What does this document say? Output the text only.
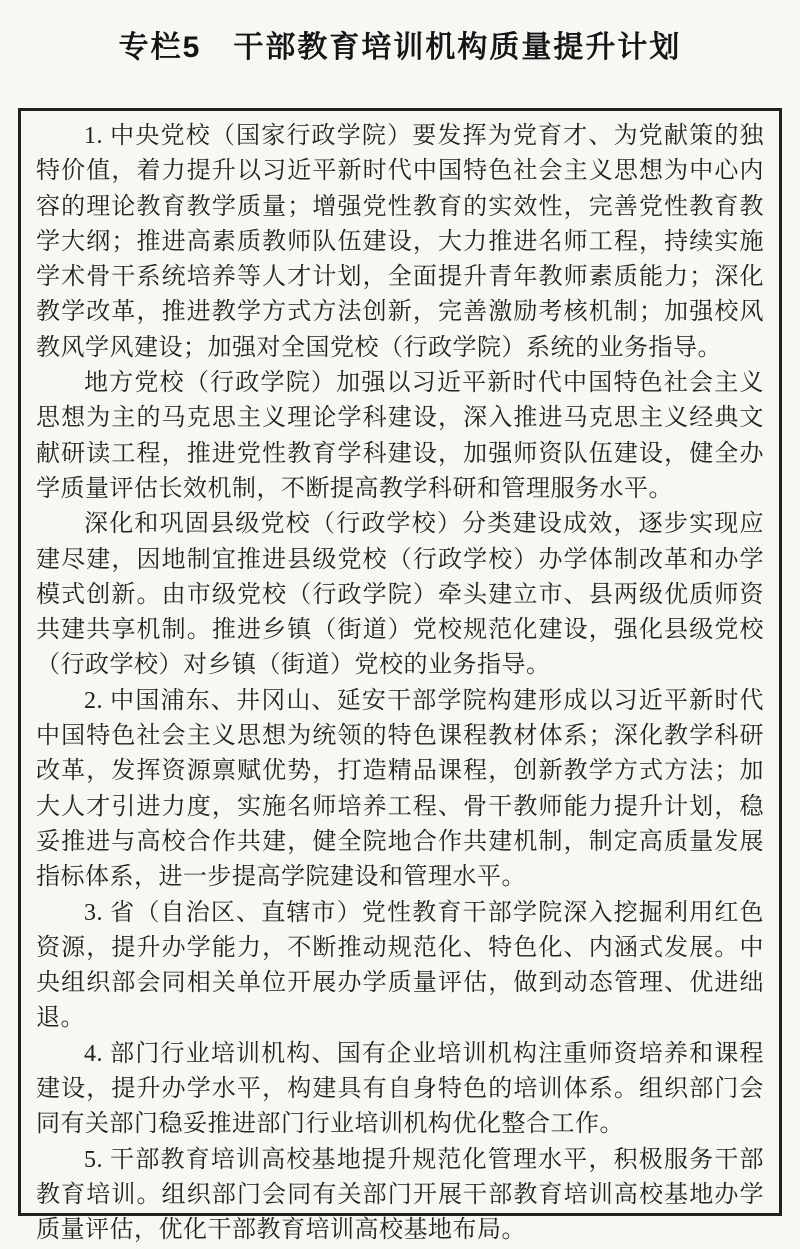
专栏5　干部教育培训机构质量提升计划

1. 中央党校（国家行政学院）要发挥为党育才、为党献策的独特价值，着力提升以习近平新时代中国特色社会主义思想为中心内容的理论教育教学质量；增强党性教育的实效性，完善党性教育教学大纲；推进高素质教师队伍建设，大力推进名师工程，持续实施学术骨干系统培养等人才计划，全面提升青年教师素质能力；深化教学改革，推进教学方式方法创新，完善激励考核机制；加强校风教风学风建设；加强对全国党校（行政学院）系统的业务指导。

地方党校（行政学院）加强以习近平新时代中国特色社会主义思想为主的马克思主义理论学科建设，深入推进马克思主义经典文献研读工程，推进党性教育学科建设，加强师资队伍建设，健全办学质量评估长效机制，不断提高教学科研和管理服务水平。

深化和巩固县级党校（行政学校）分类建设成效，逐步实现应建尽建，因地制宜推进县级党校（行政学校）办学体制改革和办学模式创新。由市级党校（行政学院）牵头建立市、县两级优质师资共建共享机制。推进乡镇（街道）党校规范化建设，强化县级党校（行政学校）对乡镇（街道）党校的业务指导。

2. 中国浦东、井冈山、延安干部学院构建形成以习近平新时代中国特色社会主义思想为统领的特色课程教材体系；深化教学科研改革，发挥资源禀赋优势，打造精品课程，创新教学方式方法；加大人才引进力度，实施名师培养工程、骨干教师能力提升计划，稳妥推进与高校合作共建，健全院地合作共建机制，制定高质量发展指标体系，进一步提高学院建设和管理水平。

3. 省（自治区、直辖市）党性教育干部学院深入挖掘利用红色资源，提升办学能力，不断推动规范化、特色化、内涵式发展。中央组织部会同相关单位开展办学质量评估，做到动态管理、优进绌退。

4. 部门行业培训机构、国有企业培训机构注重师资培养和课程建设，提升办学水平，构建具有自身特色的培训体系。组织部门会同有关部门稳妥推进部门行业培训机构优化整合工作。

5. 干部教育培训高校基地提升规范化管理水平，积极服务干部教育培训。组织部门会同有关部门开展干部教育培训高校基地办学质量评估，优化干部教育培训高校基地布局。
